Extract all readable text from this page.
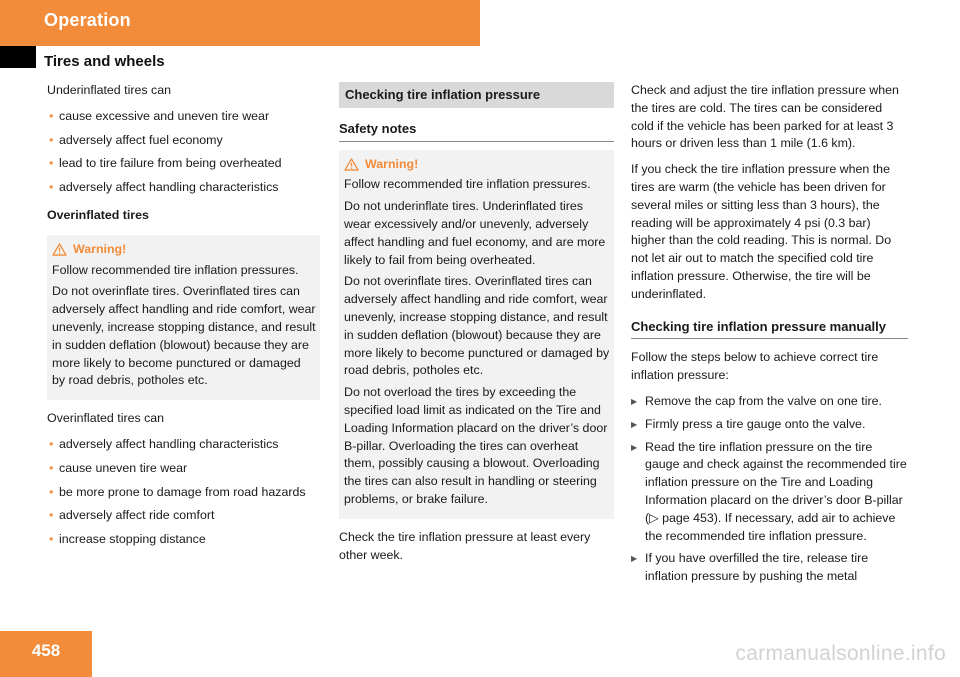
Operation
Tires and wheels

Underinflated tires can

• cause excessive and uneven tire wear
• adversely affect fuel economy
• lead to tire failure from being overheated
• adversely affect handling characteristics
Overinflated tires
Warning!

Follow recommended tire inflation pressures.

Do not overinflate tires. Overinflated tires can adversely affect handling and ride comfort, wear unevenly, increase stopping distance, and result in sudden deflation (blowout) because they are more likely to become punctured or damaged by road debris, potholes etc.

Overinflated tires can

• adversely affect handling characteristics
• cause uneven tire wear
• be more prone to damage from road hazards
• adversely affect ride comfort
• increase stopping distance
Checking tire inflation pressure
Safety notes
Warning!

Follow recommended tire inflation pressures.

Do not underinflate tires. Underinflated tires wear excessively and/or unevenly, adversely affect handling and fuel economy, and are more likely to fail from being overheated.

Do not overinflate tires. Overinflated tires can adversely affect handling and ride comfort, wear unevenly, increase stopping distance, and result in sudden deflation (blowout) because they are more likely to become punctured or damaged by road debris, potholes etc.

Do not overload the tires by exceeding the specified load limit as indicated on the Tire and Loading Information placard on the driver’s door B-pillar. Overloading the tires can overheat them, possibly causing a blowout. Overloading the tires can also result in handling or steering problems, or brake failure.

Check the tire inflation pressure at least every other week.

Check and adjust the tire inflation pressure when the tires are cold. The tires can be considered cold if the vehicle has been parked for at least 3 hours or driven less than 1 mile (1.6 km).

If you check the tire inflation pressure when the tires are warm (the vehicle has been driven for several miles or sitting less than 3 hours), the reading will be approximately 4 psi (0.3 bar) higher than the cold reading. This is normal. Do not let air out to match the specified cold tire inflation pressure. Otherwise, the tire will be underinflated.

Checking tire inflation pressure manually

Follow the steps below to achieve correct tire inflation pressure:

▶ Remove the cap from the valve on one tire.
▶ Firmly press a tire gauge onto the valve.
▶ Read the tire inflation pressure on the tire gauge and check against the recommended tire inflation pressure on the Tire and Loading Information placard on the driver’s door B-pillar (▷ page 453). If necessary, add air to achieve the recommended tire inflation pressure.
▶ If you have overfilled the tire, release tire inflation pressure by pushing the metal
458	carmanualsonline.info
